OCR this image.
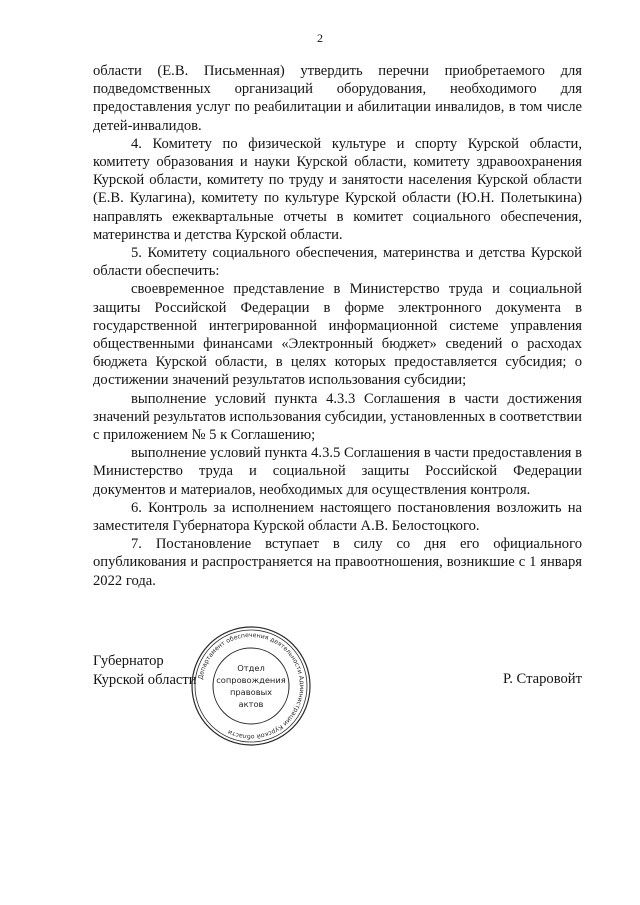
2

области (Е.В. Письменная) утвердить перечни приобретаемого для подведомственных организаций оборудования, необходимого для предоставления услуг по реабилитации и абилитации инвалидов, в том числе детей-инвалидов.

4. Комитету по физической культуре и спорту Курской области, комитету образования и науки Курской области, комитету здравоохранения Курской области, комитету по труду и занятости населения Курской области (Е.В. Кулагина), комитету по культуре Курской области (Ю.Н. Полетыкина) направлять ежеквартальные отчеты в комитет социального обеспечения, материнства и детства Курской области.

5. Комитету социального обеспечения, материнства и детства Курской области обеспечить:

своевременное представление в Министерство труда и социальной защиты Российской Федерации в форме электронного документа в государственной интегрированной информационной системе управления общественными финансами «Электронный бюджет» сведений о расходах бюджета Курской области, в целях которых предоставляется субсидия; о достижении значений результатов использования субсидии;

выполнение условий пункта 4.3.3 Соглашения в части достижения значений результатов использования субсидии, установленных в соответствии с приложением № 5 к Соглашению;

выполнение условий пункта 4.3.5 Соглашения в части предоставления в Министерство труда и социальной защиты Российской Федерации документов и материалов, необходимых для осуществления контроля.

6. Контроль за исполнением настоящего постановления возложить на заместителя Губернатора Курской области А.В. Белостоцкого.

7. Постановление вступает в силу со дня его официального опубликования и распространяется на правоотношения, возникшие с 1 января 2022 года.

Губернатор
Курской области Департамент обеспечения деятельности Администрации Курской области
Отдел
сопровождения
правовых
актов
Р. Старовойт
